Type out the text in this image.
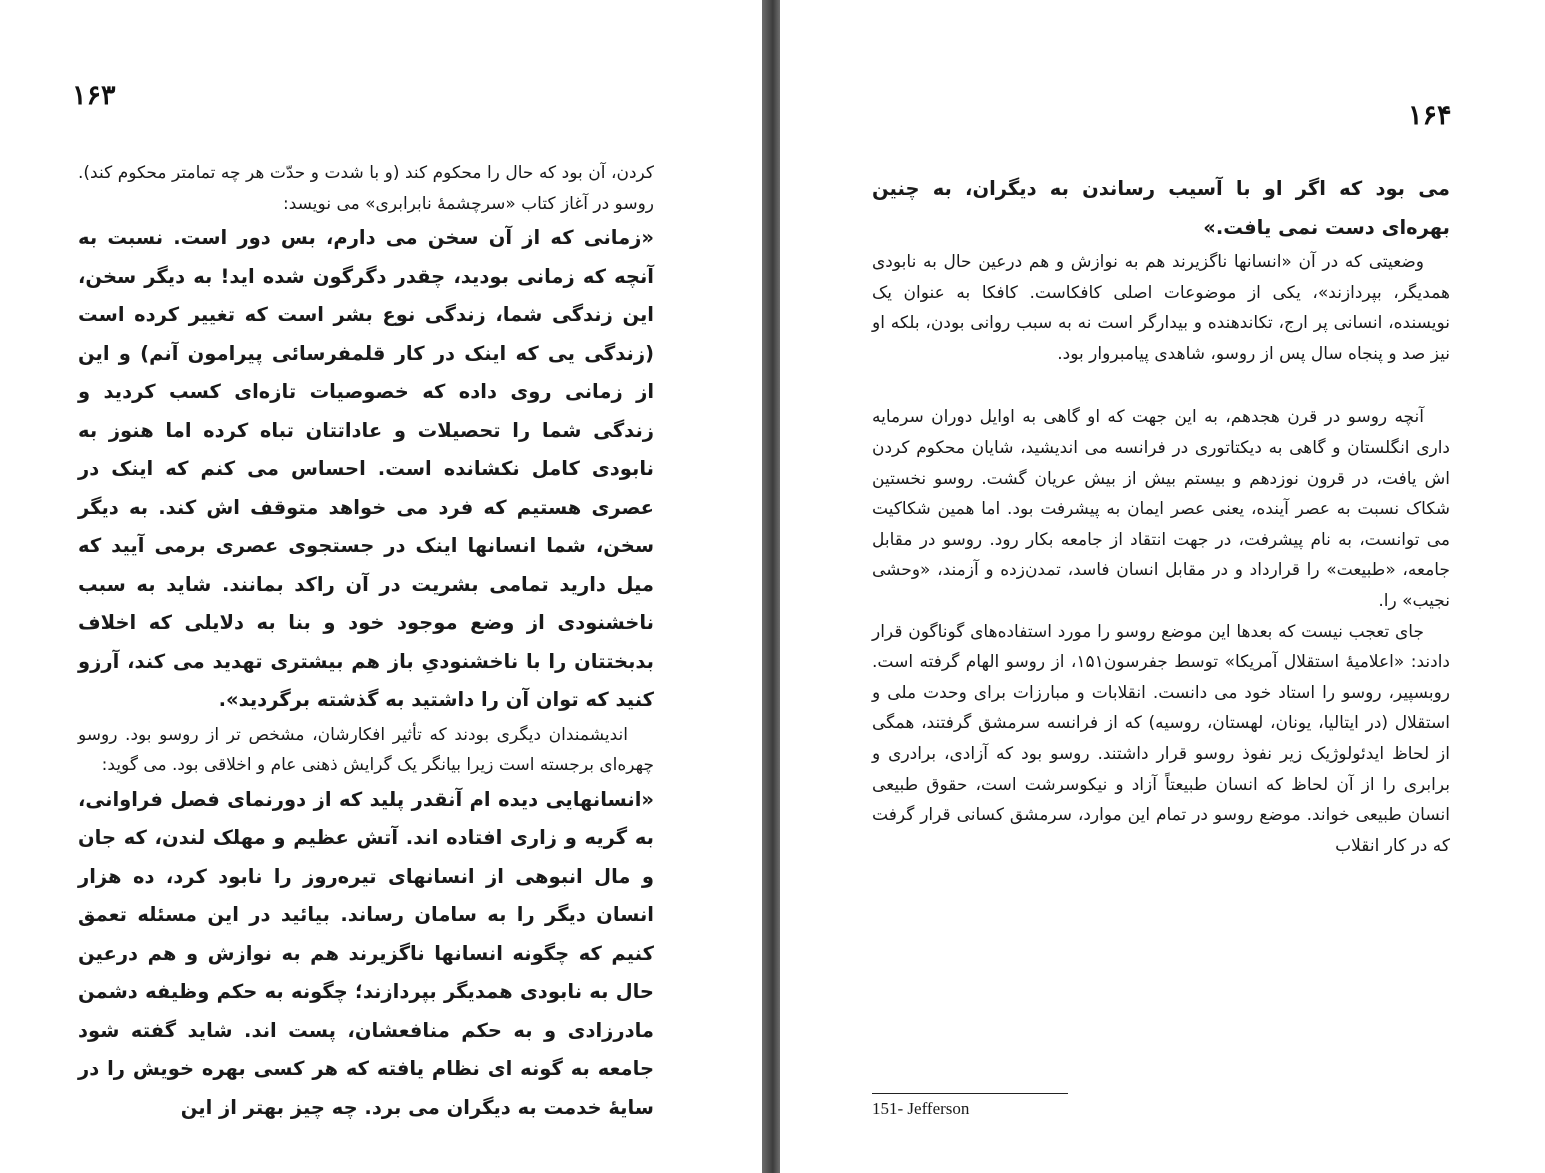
۱۶۳

کردن، آن بود که حال را محکوم کند (و با شدت و حدّت هر چه تمامتر محکوم کند). روسو در آغاز کتاب «سرچشمهٔ نابرابری» می نویسد:

«زمانی که از آن سخن می دارم، بس دور است. نسبت به آنچه که زمانی بودید، چقدر دگرگون شده اید! به دیگر سخن، این زندگی شما، زندگی نوع بشر است که تغییر کرده است (زندگی یی که اینک در کار قلمفرسائی پیرامون آنم) و این از زمانی روی داده که خصوصیات تازه‌ای کسب کردید و زندگی شما را تحصیلات و عاداتتان تباه کرده اما هنوز به نابودی کامل نکشانده است. احساس می کنم که اینک در عصری هستیم که فرد می خواهد متوقف اش کند. به دیگر سخن، شما انسانها اینک در جستجوی عصری برمی آیید که میل دارید تمامی بشریت در آن راکد بمانند. شاید به سبب ناخشنودی از وضع موجود خود و بنا به دلایلی که اخلاف بدبختتان را با ناخشنودیِ باز هم بیشتری تهدید می کند، آرزو کنید که توان آن را داشتید به گذشته برگردید».

اندیشمندان دیگری بودند که تأثیر افکارشان، مشخص تر از روسو بود. روسو چهره‌ای برجسته است زیرا بیانگر یک گرایش ذهنی عام و اخلاقی بود. می گوید:

«انسانهایی دیده ام آنقدر پلید که از دورنمای فصل فراوانی، به گریه و زاری افتاده اند. آتش عظیم و مهلک لندن، که جان و مال انبوهی از انسانهای تیره‌روز را نابود کرد، ده هزار انسان دیگر را به سامان رساند. بیائید در این مسئله تعمق کنیم که چگونه انسانها ناگزیرند هم به نوازش و هم درعین حال به نابودی همدیگر بپردازند؛ چگونه به حکم وظیفه دشمن مادرزادی و به حکم منافعشان، پست اند. شاید گفته شود جامعه به گونه ای نظام یافته که هر کسی بهره خویش را در سایهٔ خدمت به دیگران می برد. چه چیز بهتر از این

۱۶۴

می بود که اگر او با آسیب رساندن به دیگران، به چنین بهره‌ای دست نمی یافت.»

وضعیتی که در آن «انسانها ناگزیرند هم به نوازش و هم درعین حال به نابودی همدیگر، بپردازند»، یکی از موضوعات اصلی کافکاست. کافکا به عنوان یک نویسنده، انسانی پر ارج، تکاندهنده و بیدارگر است نه به سبب روانی بودن، بلکه او نیز صد و پنجاه سال پس از روسو، شاهدی پیامبروار بود.

آنچه روسو در قرن هجدهم، به این جهت که او گاهی به اوایل دوران سرمایه داری انگلستان و گاهی به دیکتاتوری در فرانسه می اندیشید، شایان محکوم کردن اش یافت، در قرون نوزدهم و بیستم بیش از بیش عریان گشت. روسو نخستین شکاک نسبت به عصر آینده، یعنی عصر ایمان به پیشرفت بود. اما همین شکاکیت می توانست، به نام پیشرفت، در جهت انتقاد از جامعه بکار رود. روسو در مقابل جامعه، «طبیعت» را قرارداد و در مقابل انسان فاسد، تمدن‌زده و آزمند، «وحشی نجیب» را.

جای تعجب نیست که بعدها این موضع روسو را مورد استفاده‌های گوناگون قرار دادند: «اعلامیهٔ استقلال آمریکا» توسط جفرسون۱۵۱، از روسو الهام گرفته است. روبسپیر، روسو را استاد خود می دانست. انقلابات و مبارزات برای وحدت ملی و استقلال (در ایتالیا، یونان، لهستان، روسیه) که از فرانسه سرمشق گرفتند، همگی از لحاظ ایدئولوژیک زیر نفوذ روسو قرار داشتند. روسو بود که آزادی، برادری و برابری را از آن لحاظ که انسان طبیعتاً آزاد و نیکوسرشت است، حقوق طبیعی انسان طبیعی خواند. موضع روسو در تمام این موارد، سرمشق کسانی قرار گرفت که در کار انقلاب

151- Jefferson
